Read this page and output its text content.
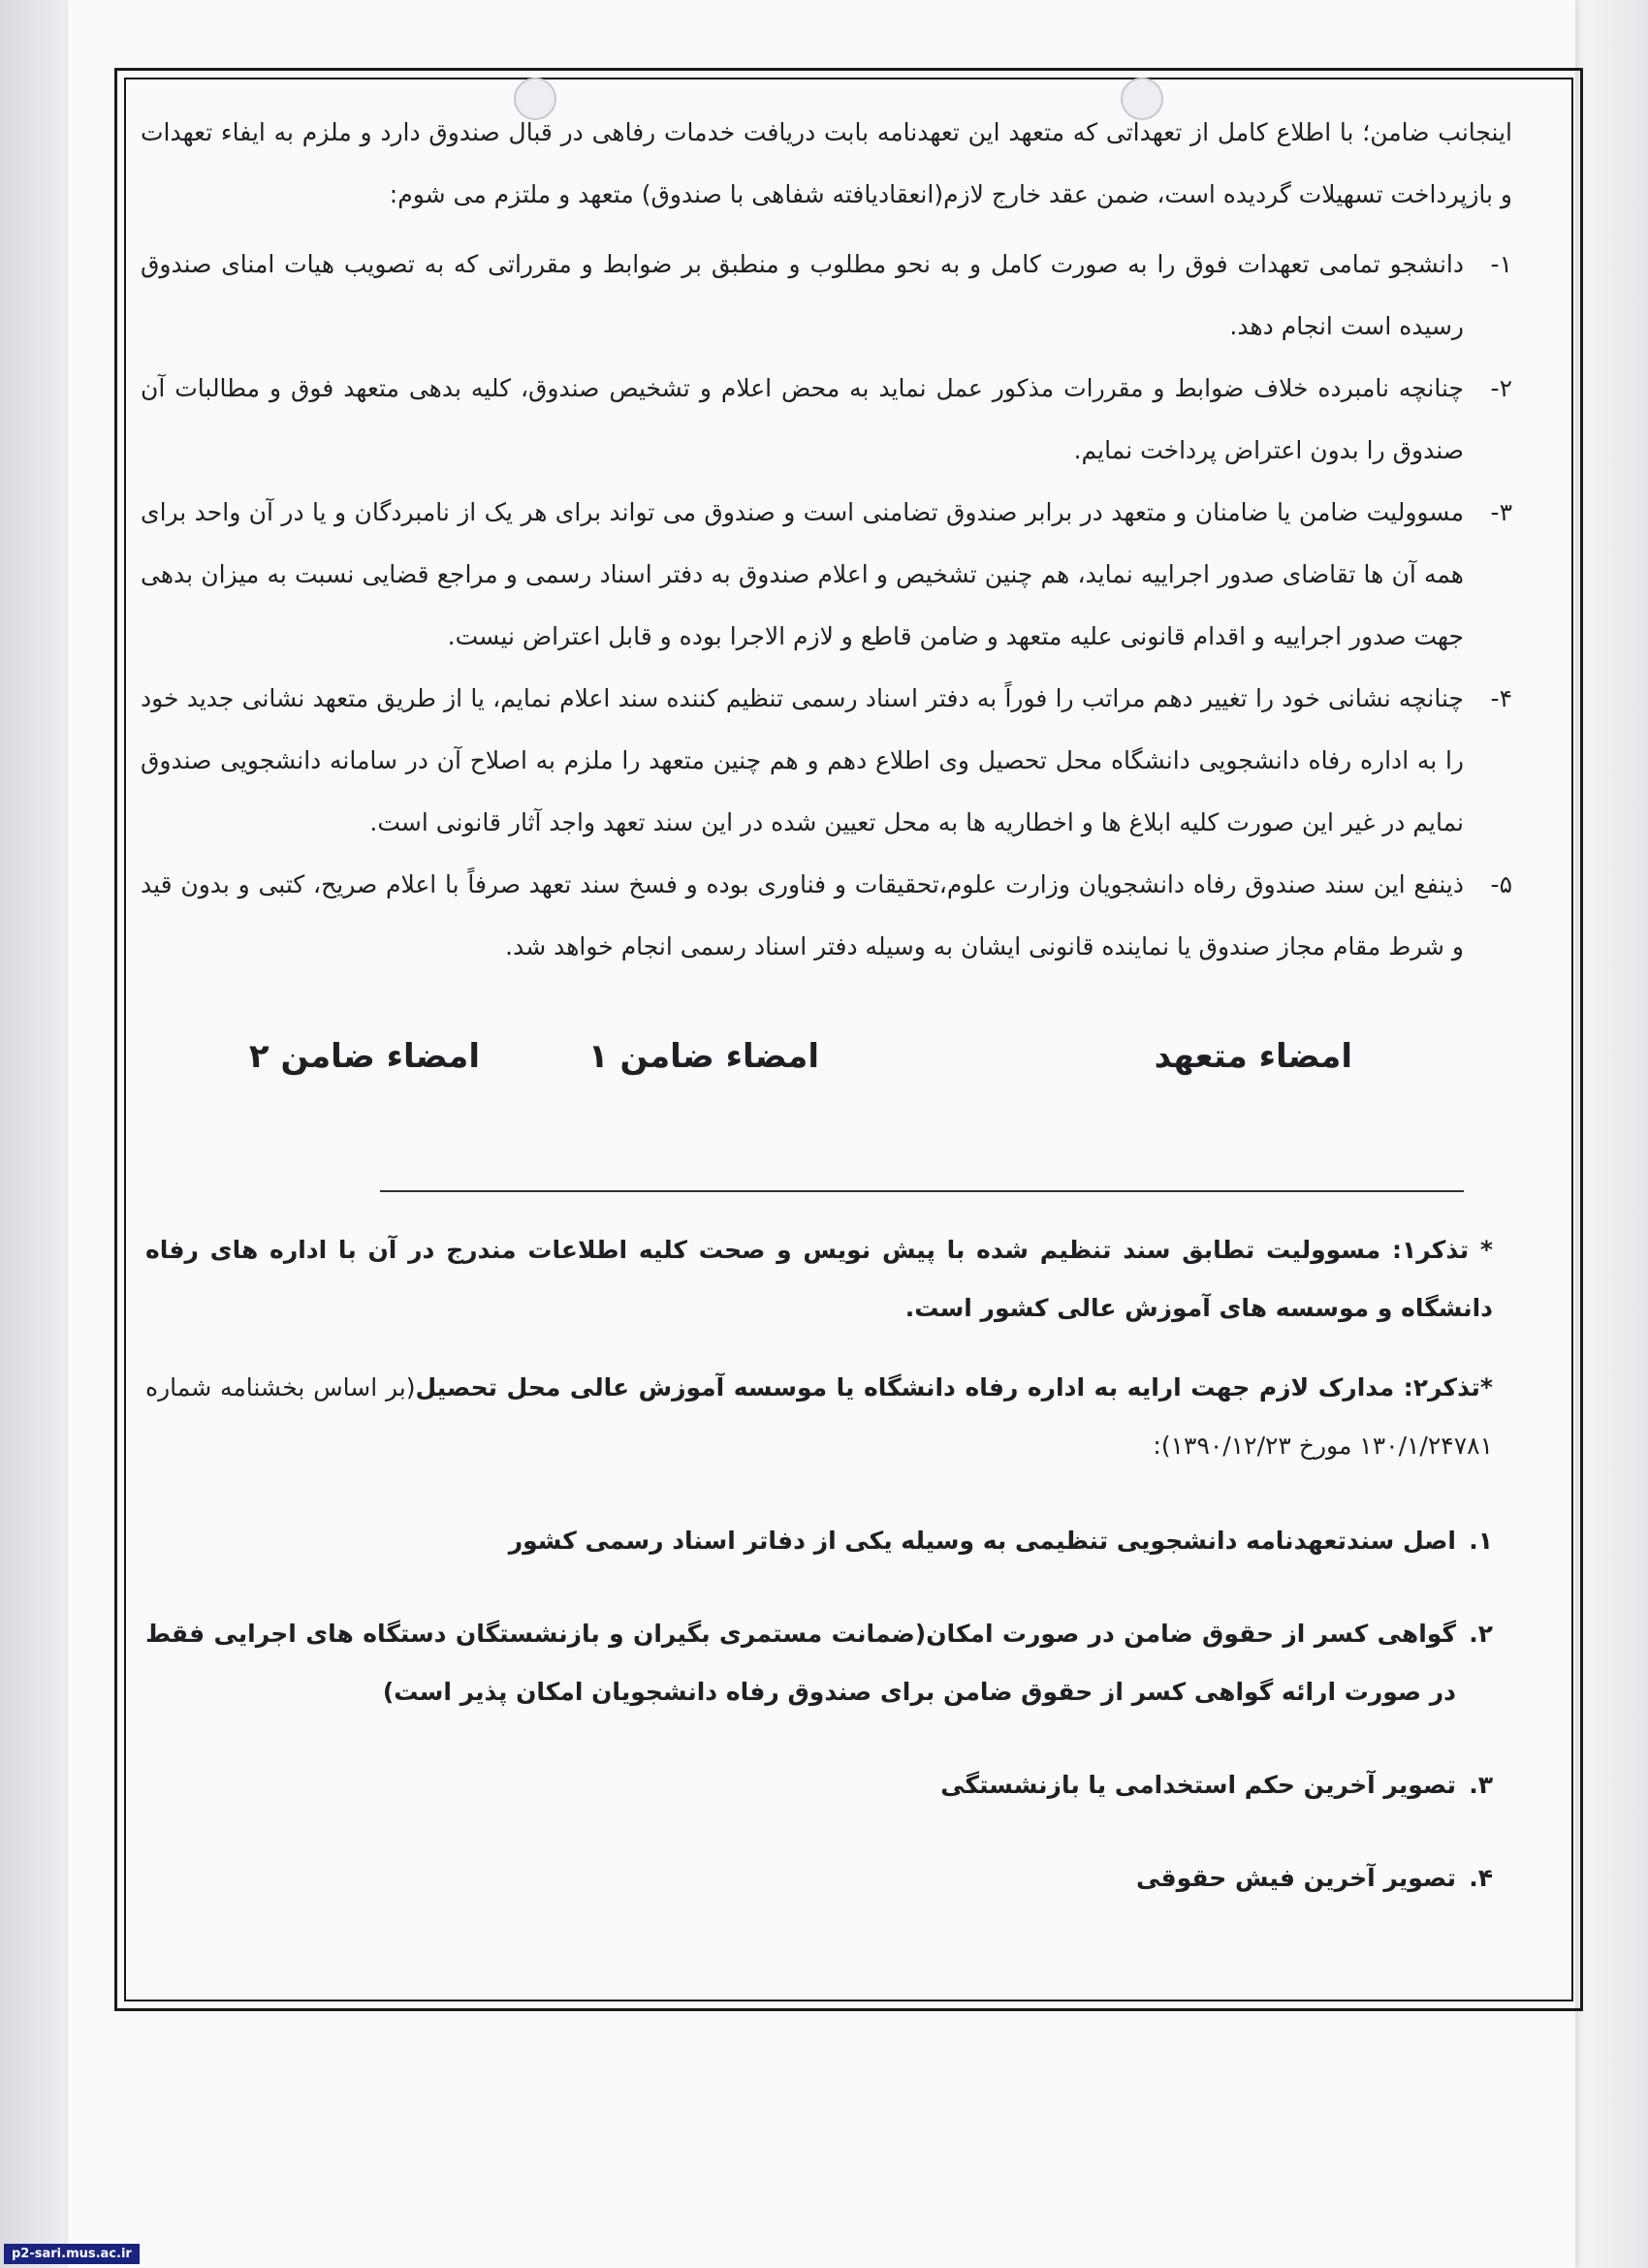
اینجانب ضامن؛ با اطلاع کامل از تعهداتی که متعهد این تعهدنامه بابت دریافت خدمات رفاهی در قبال صندوق دارد و ملزم به ایفاء تعهدات و بازپرداخت تسهیلات گردیده است، ضمن عقد خارج لازم(انعقادیافته شفاهی با صندوق) متعهد و ملتزم می شوم:

۱-
دانشجو تمامی تعهدات فوق را به صورت کامل و به نحو مطلوب و منطبق بر ضوابط و مقرراتی که به تصویب هیات امنای صندوق رسیده است انجام دهد.
۲-
چنانچه نامبرده خلاف ضوابط و مقررات مذکور عمل نماید به محض اعلام و تشخیص صندوق، کلیه بدهی متعهد فوق و مطالبات آن صندوق را بدون اعتراض پرداخت نمایم.
۳-
مسوولیت ضامن یا ضامنان و متعهد در برابر صندوق تضامنی است و صندوق می تواند برای هر یک از نامبردگان و یا در آن واحد برای همه آن ها تقاضای صدور اجراییه نماید، هم چنین تشخیص و اعلام صندوق به دفتر اسناد رسمی و مراجع قضایی نسبت به میزان بدهی جهت صدور اجراییه و اقدام قانونی علیه متعهد و ضامن قاطع و لازم الاجرا بوده و قابل اعتراض نیست.
۴-
چنانچه نشانی خود را تغییر دهم مراتب را فوراً به دفتر اسناد رسمی تنظیم کننده سند اعلام نمایم، یا از طریق متعهد نشانی جدید خود را به اداره رفاه دانشجویی دانشگاه محل تحصیل وی اطلاع دهم و هم چنین متعهد را ملزم به اصلاح آن در سامانه دانشجویی صندوق نمایم در غیر این صورت کلیه ابلاغ ها و اخطاریه ها به محل تعیین شده در این سند تعهد واجد آثار قانونی است.
۵-
ذینفع این سند صندوق رفاه دانشجویان وزارت علوم،تحقیقات و فناوری بوده و فسخ سند تعهد صرفاً با اعلام صریح، کتبی و بدون قید و شرط مقام مجاز صندوق یا نماینده قانونی ایشان به وسیله دفتر اسناد رسمی انجام خواهد شد.
امضاء متعهد
امضاء ضامن ۱
امضاء ضامن ۲

* تذکر۱: مسوولیت تطابق سند تنظیم شده با پیش نویس و صحت کلیه اطلاعات مندرج در آن با اداره های رفاه دانشگاه و موسسه های آموزش عالی کشور است.

*تذکر۲: مدارک لازم جهت ارایه به اداره رفاه دانشگاه یا موسسه آموزش عالی محل تحصیل(بر اساس بخشنامه شماره ۱۳۰/۱/۲۴۷۸۱ مورخ ۱۳۹۰/۱۲/۲۳):

۱.
اصل سندتعهدنامه دانشجویی تنظیمی به وسیله یکی از دفاتر اسناد رسمی کشور
۲.
گواهی کسر از حقوق ضامن در صورت امکان(ضمانت مستمری بگیران و بازنشستگان دستگاه های اجرایی فقط در صورت ارائه گواهی کسر از حقوق ضامن برای صندوق رفاه دانشجویان امکان پذیر است)
۳.
تصویر آخرین حکم استخدامی یا بازنشستگی
۴.
تصویر آخرین فیش حقوقی
p2-sari.mus.ac.ir
